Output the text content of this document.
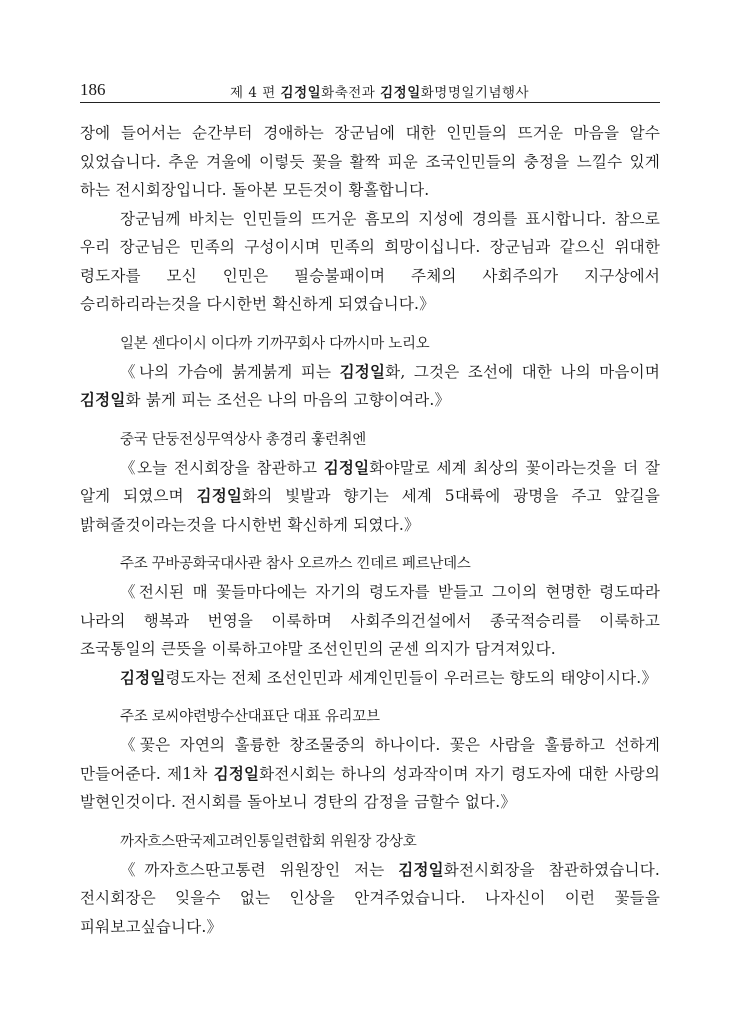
186	제 4 편 김정일화축전과 김정일화명명일기념행사

장에 들어서는 순간부터 경애하는 장군님에 대한 인민들의 뜨거운 마음을 알수 있었습니다. 추운 겨울에 이렇듯 꽃을 활짝 피운 조국인민들의 충정을 느낄수 있게 하는 전시회장입니다. 돌아본 모든것이 황홀합니다.

장군님께 바치는 인민들의 뜨거운 흠모의 지성에 경의를 표시합니다. 참으로 우리 장군님은 민족의 구성이시며 민족의 희망이십니다. 장군님과 같으신 위대한 령도자를 모신 인민은 필승불패이며 주체의 사회주의가 지구상에서 승리하리라는것을 다시한번 확신하게 되였습니다.》

일본 센다이시 이다까 기까꾸회사 다까시마 노리오

《나의 가슴에 붉게붉게 피는 김정일화, 그것은 조선에 대한 나의 마음이며 김정일화 붉게 피는 조선은 나의 마음의 고향이여라.》

중국 단둥전싱무역상사 총경리 훟런취엔

《오늘 전시회장을 참관하고 김정일화야말로 세계 최상의 꽃이라는것을 더 잘 알게 되였으며 김정일화의 빛발과 향기는 세계 5대륙에 광명을 주고 앞길을 밝혀줄것이라는것을 다시한번 확신하게 되였다.》

주조 꾸바공화국대사관 참사 오르까스 낀데르 페르난데스

《전시된 매 꽃들마다에는 자기의 령도자를 받들고 그이의 현명한 령도따라 나라의 행복과 번영을 이룩하며 사회주의건설에서 종국적승리를 이룩하고 조국통일의 큰뜻을 이룩하고야말 조선인민의 굳센 의지가 담겨져있다.

김정일령도자는 전체 조선인민과 세계인민들이 우러르는 향도의 태양이시다.》

주조 로씨야련방수산대표단 대표 유리꼬브

《꽃은 자연의 훌륭한 창조물중의 하나이다. 꽃은 사람을 훌륭하고 선하게 만들어준다. 제1차 김정일화전시회는 하나의 성과작이며 자기 령도자에 대한 사랑의 발현인것이다. 전시회를 돌아보니 경탄의 감정을 금할수 없다.》

까자흐스딴국제고려인통일련합회 위원장 강상호

《까자흐스딴고통련 위원장인 저는 김정일화전시회장을 참관하였습니다. 전시회장은 잊을수 없는 인상을 안겨주었습니다. 나자신이 이런 꽃들을 피워보고싶습니다.》
